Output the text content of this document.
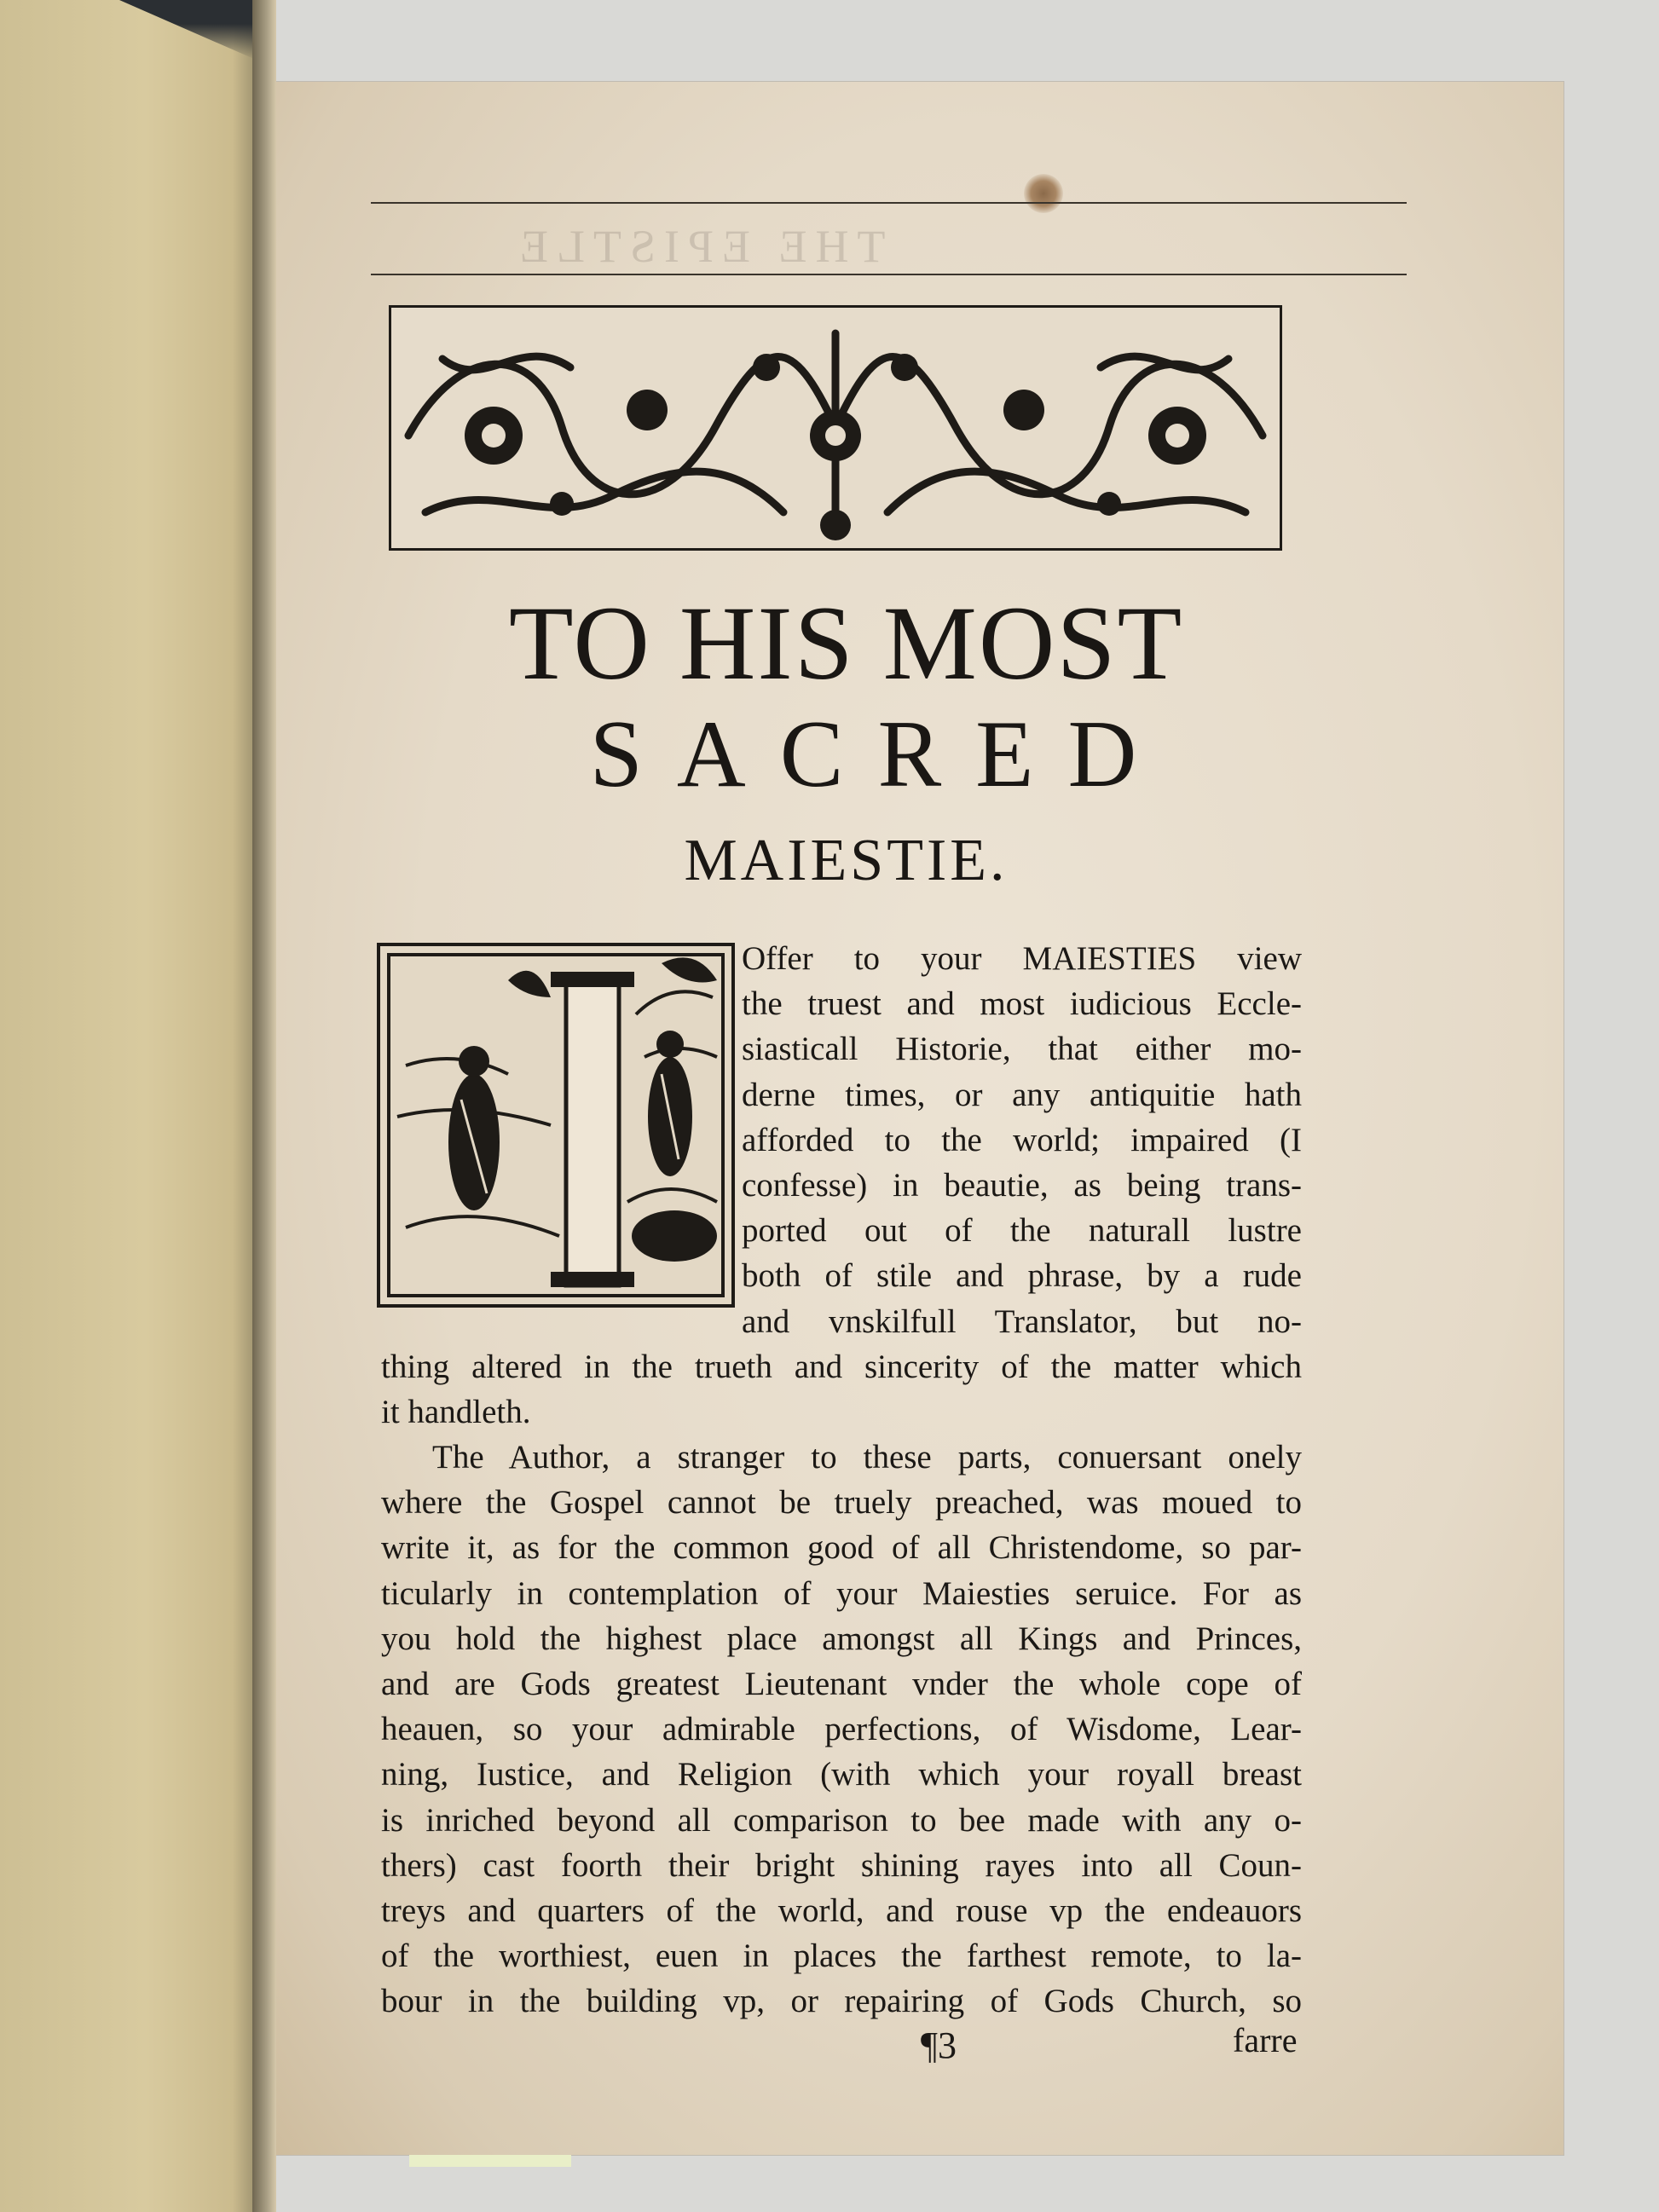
THE EPISTLE
TO HIS MOST
SACRED
MAIESTIE.
Offer to your MAIESTIES view
the truest and most iudicious Eccle-
siasticall Historie, that either mo-
derne times, or any antiquitie hath
afforded to the world; impaired (I
confesse) in beautie, as being trans-
ported out of the naturall lustre
both of stile and phrase, by a rude
and vnskilfull Translator, but no-
thing altered in the trueth and sincerity of the matter which
it handleth.
The Author, a stranger to these parts, conuersant onely
where the Gospel cannot be truely preached, was moued to
write it, as for the common good of all Christendome, so par-
ticularly in contemplation of your Maiesties seruice. For as
you hold the highest place amongst all Kings and Princes,
and are Gods greatest Lieutenant vnder the whole cope of
heauen, so your admirable perfections, of Wisdome, Lear-
ning, Iustice, and Religion (with which your royall breast
is inriched beyond all comparison to bee made with any o-
thers) cast foorth their bright shining rayes into all Coun-
treys and quarters of the world, and rouse vp the endeauors
of the worthiest, euen in places the farthest remote, to la-
bour in the building vp, or repairing of Gods Church, so
¶3	farre
